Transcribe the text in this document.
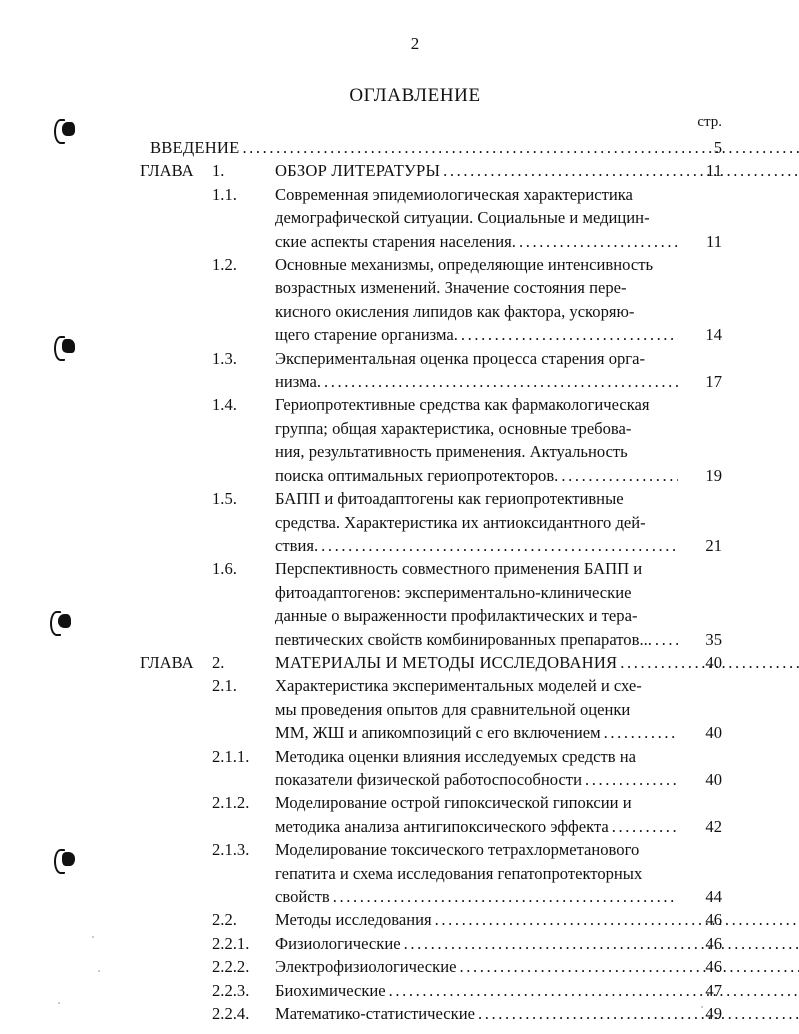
2
ОГЛАВЛЕНИЕ
стр.
ВВЕДЕНИЕ .....	5
ГЛАВА	1.	ОБЗОР ЛИТЕРАТУРЫ .....	11
1.1.	Современная эпидемиологическая характеристика
демографической ситуации. Социальные и медицин-
ские аспекты старения населения. .....	11
1.2.	Основные механизмы, определяющие интенсивность
возрастных изменений. Значение состояния пере-
кисного окисления липидов как фактора, ускоряю-
щего старение организма. .....	14
1.3.	Экспериментальная оценка процесса старения орга-
низма. .....	17
1.4.	Гериопротективные средства как фармакологическая
группа; общая характеристика, основные требова-
ния, результативность применения. Актуальность
поиска оптимальных гериопротекторов. .....	19
1.5.	БАПП и фитоадаптогены как гериопротективные
средства. Характеристика их антиоксидантного дей-
ствия. .....	21
1.6.	Перспективность совместного применения БАПП и
фитоадаптогенов: экспериментально-клинические
данные о выраженности профилактических и тера-
певтических свойств комбинированных препаратов... .....	35
ГЛАВА	2.	МАТЕРИАЛЫ И МЕТОДЫ ИССЛЕДОВАНИЯ .....	40
2.1.	Характеристика экспериментальных моделей и схе-
мы проведения опытов для сравнительной оценки
ММ, ЖШ и апикомпозиций с его включением .....	40
2.1.1.	Методика оценки влияния исследуемых средств на
показатели физической работоспособности .....	40
2.1.2.	Моделирование острой гипоксической гипоксии и
методика анализа антигипоксического эффекта .....	42
2.1.3.	Моделирование токсического тетрахлорметанового
гепатита и схема исследования гепатопротекторных
свойств .....	44
2.2.	Методы исследования .....	46
2.2.1.	Физиологические .....	46
2.2.2.	Электрофизиологические .....	46
2.2.3.	Биохимические .....	47
2.2.4.	Математико-статистические .....	49
